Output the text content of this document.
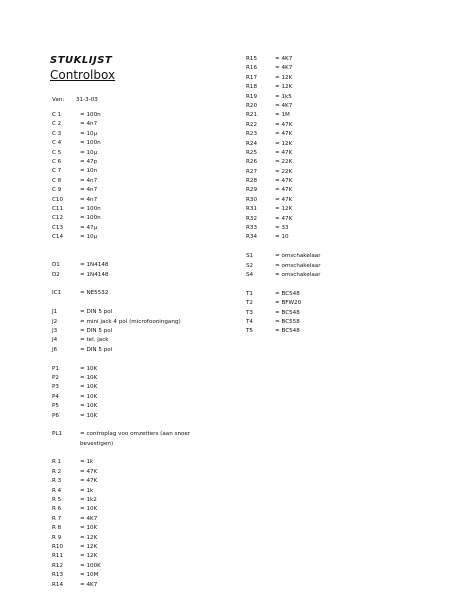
STUKLIJST
Controlbox
Van: 31-3-03
C 1	= 100n
C 2	= 4n7
C 3	= 10µ
C 4	= 100n
C 5	= 10µ
C 6	= 47p
C 7	= 10n
C 8	= 4n7
C 9	= 4n7
C10	= 4n7
C11	= 100n
C12	= 100n
C13	= 47µ
C14	= 10µ
D1	= 1N4148
D2	= 1N4148
IC1	= NE5532
J1	= DIN 5 pol
J2	= mini jack 4 pol (microfooningang)
J3	= DIN 5 pol
J4	= tel. jack
J6	= DIN 5 pol
P1	= 10K
P2	= 10K
P3	= 10K
P4	= 10K
P5	= 10K
P6	= 10K
PL1	= controplag voo omzetters (aan snoer bevestigen)
R 1	= 1k
R 2	= 47K
R 3	= 47K
R 4	= 1k
R 5	= 1k2
R 6	= 10K
R 7	= 4K7
R 8	= 10K
R 9	= 12K
R10	= 12K
R11	= 12K
R12	= 100K
R13	= 10M
R14	= 4K7
R15	= 4K7
R16	= 4K7
R17	= 12K
R18	= 12K
R19	= 1k5
R20	= 4K7
R21	= 1M
R22	= 47K
R23	= 47K
R24	= 12K
R25	= 47K
R26	= 22K
R27	= 22K
R28	= 47K
R29	= 47K
R30	= 47K
R31	= 12K
R32	= 47K
R33	= 33
R34	= 10
S1	= omschakelaar
S2	= omschakelaar
S4	= omschakelaar
T1	= BC548
T2	= BFW20
T3	= BC548
T4	= BC558
T5	= BC548
